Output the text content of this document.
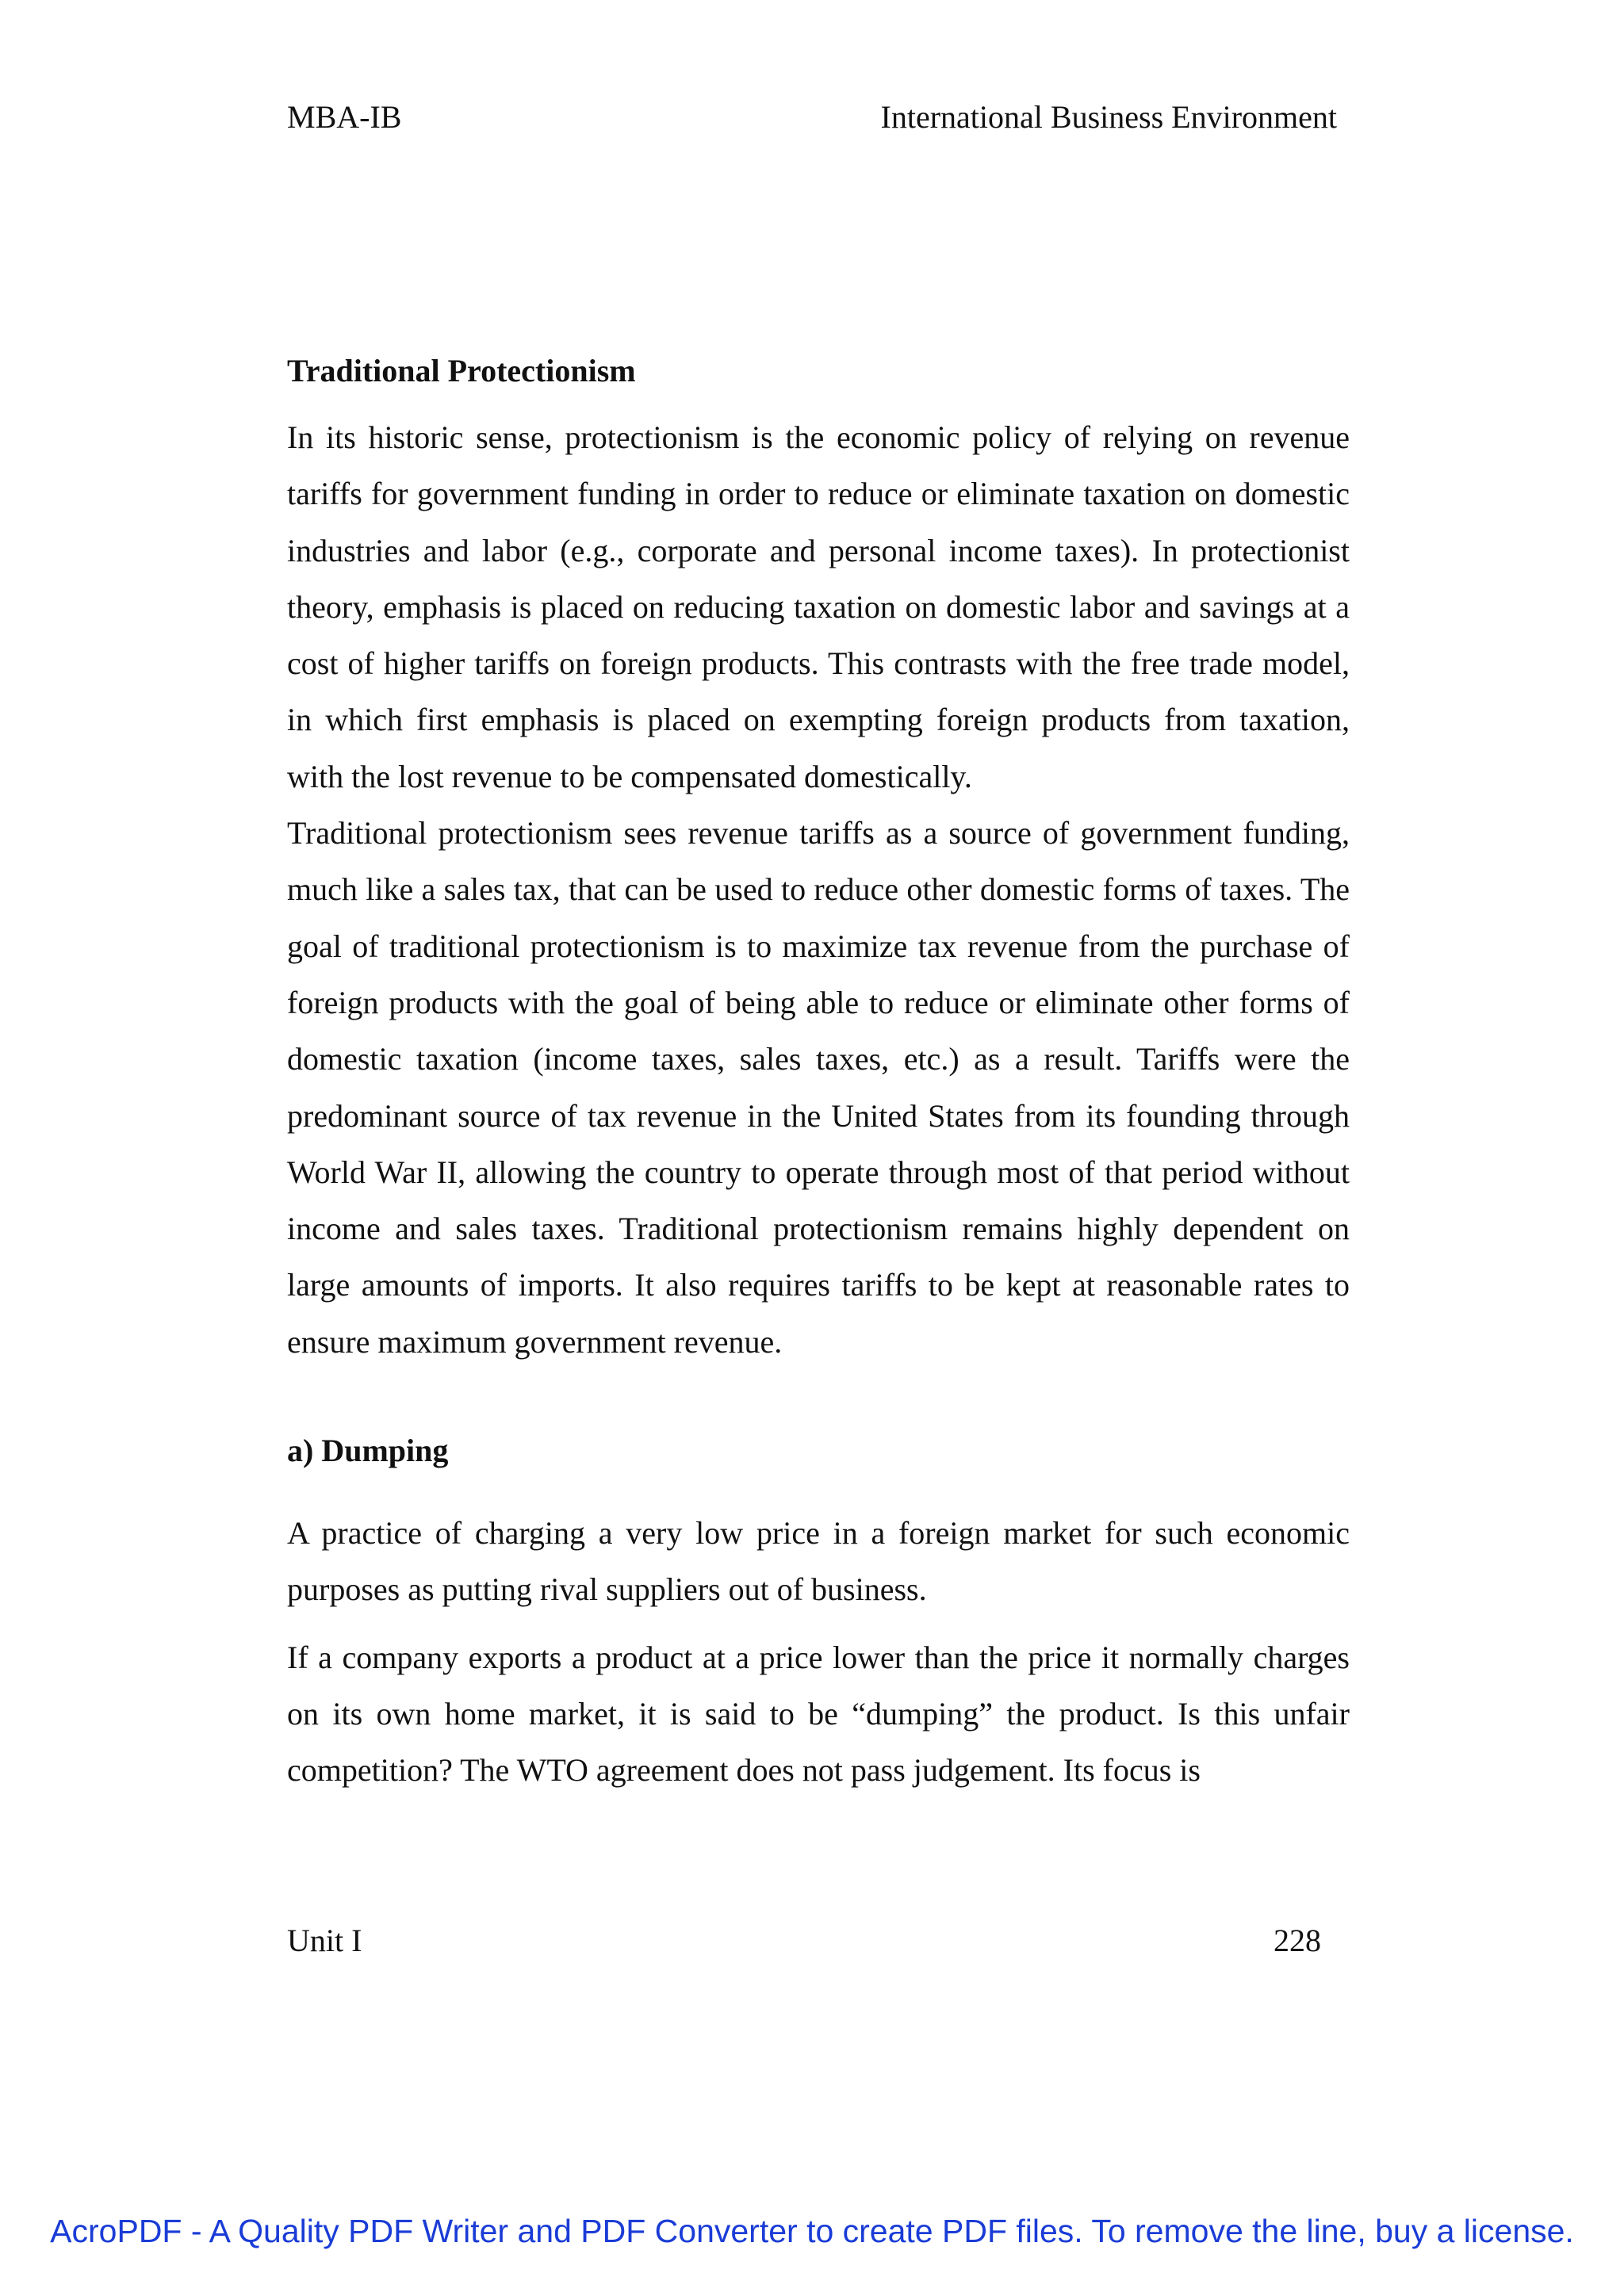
MBA-IB	International Business Environment
Traditional Protectionism

In its historic sense, protectionism is the economic policy of relying on revenue tariffs for government funding in order to reduce or eliminate taxation on domestic industries and labor (e.g., corporate and personal income taxes). In protectionist theory, emphasis is placed on reducing taxation on domestic labor and savings at a cost of higher tariffs on foreign products. This contrasts with the free trade model, in which first emphasis is placed on exempting foreign products from taxation, with the lost revenue to be compensated domestically.

Traditional protectionism sees revenue tariffs as a source of government funding, much like a sales tax, that can be used to reduce other domestic forms of taxes. The goal of traditional protectionism is to maximize tax revenue from the purchase of foreign products with the goal of being able to reduce or eliminate other forms of domestic taxation (income taxes, sales taxes, etc.) as a result. Tariffs were the predominant source of tax revenue in the United States from its founding through World War II, allowing the country to operate through most of that period without income and sales taxes. Traditional protectionism remains highly dependent on large amounts of imports. It also requires tariffs to be kept at reasonable rates to ensure maximum government revenue.

a) Dumping

A practice of charging a very low price in a foreign market for such economic purposes as putting rival suppliers out of business.

If a company exports a product at a price lower than the price it normally charges on its own home market, it is said to be “dumping” the product. Is this unfair competition? The WTO agreement does not pass judgement. Its focus is

Unit I	228
AcroPDF - A Quality PDF Writer and PDF Converter to create PDF files. To remove the line, buy a license.
